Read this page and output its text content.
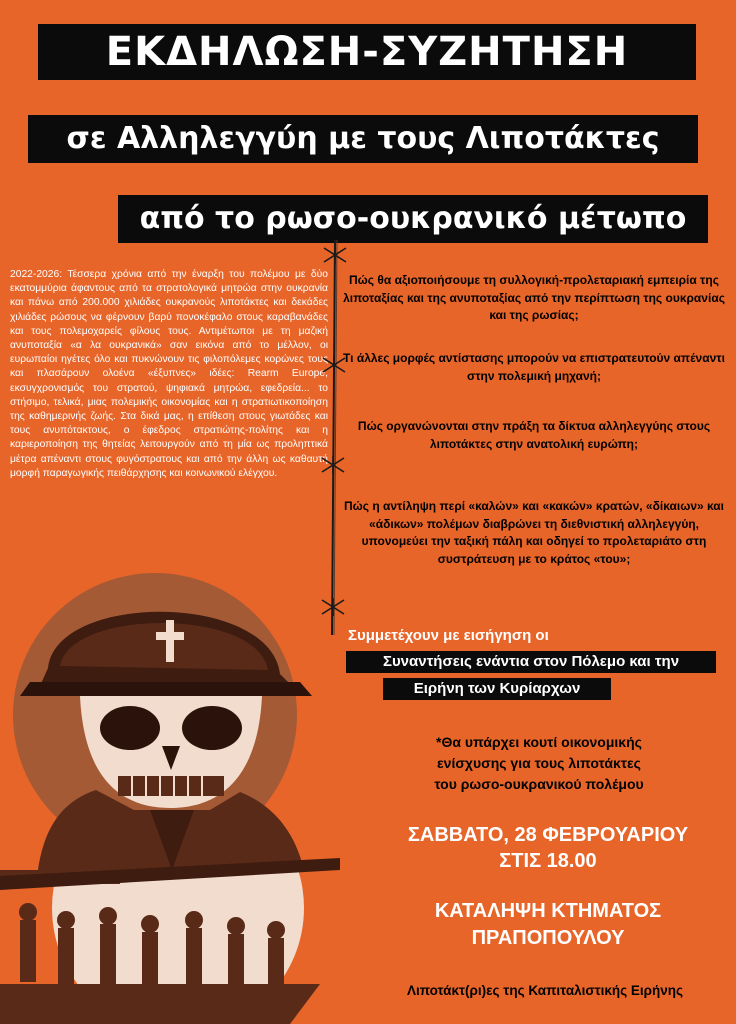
ΕΚΔΗΛΩΣΗ-ΣΥΖΗΤΗΣΗ
σε Αλληλεγγύη με τους Λιποτάκτες
από το ρωσο-ουκρανικό μέτωπο

2022-2026: Τέσσερα χρόνια από την έναρξη του πολέμου με δύο εκατομμύρια άφαντους από τα στρατολογικά μητρώα στην ουκρανία και πάνω από 200.000 χιλιάδες ουκρανούς λιποτάκτες και δεκάδες χιλιάδες ρώσους να φέρνουν βαρύ πονοκέφαλο στους καραβανάδες και τους πολεμοχαρείς φίλους τους. Αντιμέτωποι με τη μαζική ανυποταξία «α λα ουκρανικά» σαν εικόνα από το μέλλον, οι ευρωπαίοι ηγέτες όλο και πυκνώνουν τις φιλοπόλεμες κορώνες τους και πλασάρουν ολοένα «έξυπνες» ιδέες: Rearm Europe, εκσυγχρονισμός του στρατού, ψηφιακά μητρώα, εφεδρεία... το στήσιμο, τελικά, μιας πολεμικής οικονομίας και η στρατιωτικοποίηση της καθημερινής ζωής. Στα δικά μας, η επίθεση στους γιωτάδες και τους ανυπότακτους, ο έφεδρος στρατιώτης-πολίτης και η καριεροποίηση της θητείας λειτουργούν από τη μία ως προληπτικά μέτρα απέναντι στους φυγόστρατους και από την άλλη ως καθαυτή μορφή παραγωγικής πειθάρχησης και κοινωνικού ελέγχου.

Πώς θα αξιοποιήσουμε τη συλλογική-προλεταριακή εμπειρία της λιποταξίας και της ανυποταξίας από την περίπτωση της ουκρανίας και της ρωσίας;

Τι άλλες μορφές αντίστασης μπορούν να επιστρατευτούν απέναντι στην πολεμική μηχανή;

Πώς οργανώνονται στην πράξη τα δίκτυα αλληλεγγύης στους λιποτάκτες στην ανατολική ευρώπη;

Πώς η αντίληψη περί «καλών» και «κακών» κρατών, «δίκαιων» και «άδικων» πολέμων διαβρώνει τη διεθνιστική αλληλεγγύη, υπονομεύει την ταξική πάλη και οδηγεί το προλεταριάτο στη συστράτευση με το κράτος «του»;

Συμμετέχουν με εισήγηση οι

Συναντήσεις ενάντια στον Πόλεμο και την
Ειρήνη των Κυρίαρχων
*Θα υπάρχει κουτί οικονομικής
ενίσχυσης για τους λιποτάκτες
του ρωσο-ουκρανικού πολέμου
ΣΑΒΒΑΤΟ, 28 ΦΕΒΡΟΥΑΡΙΟΥ
ΣΤΙΣ 18.00
ΚΑΤΑΛΗΨΗ ΚΤΗΜΑΤΟΣ
ΠΡΑΠΟΠΟΥΛΟΥ

Λιποτάκτ(ρι)ες της Καπιταλιστικής Ειρήνης
